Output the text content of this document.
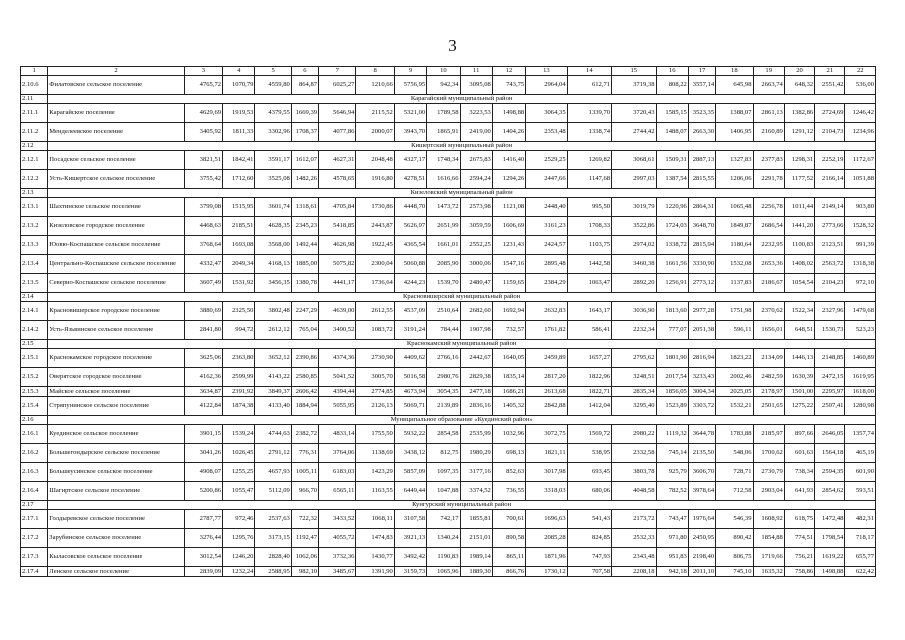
3
1	2	3	4	5	6	7	8	9	10	11	12	13	14	15	16	17	18	19	20	21	22
2.10.6	Филатовское сельское поселение	4765,72	1070,79	4559,80	864,87	6025,27	1210,66	5756,95	942,34	3095,08	743,75	2964,04	612,71	3719,38	808,22	3557,14	645,98	2663,74	648,32	2551,42	536,00
2.11	Карагайский муниципальный район																				
2.11.1	Карагайское поселение	4629,69	1919,53	4379,55	1669,39	5646,94	2115,52	5321,00	1789,58	3223,53	1498,88	3064,35	1339,70	3720,43	1585,15	3523,35	1388,07	2861,13	1382,86	2724,69	1246,42
2.11.2	Менделеевское поселение	3405,92	1811,33	3302,96	1708,37	4077,86	2000,07	3943,70	1865,91	2419,00	1404,26	2353,48	1338,74	2744,42	1488,07	2663,30	1406,95	2160,89	1291,12	2104,73	1234,96
2.12	Кишертский муниципальный район																				
2.12.1	Посадское сельское поселение	3821,51	1842,41	3591,17	1612,07	4627,31	2048,48	4327,17	1748,34	2675,83	1416,40	2529,25	1269,82	3068,61	1509,31	2887,13	1327,83	2377,83	1298,31	2252,19	1172,67
2.12.2	Усть-Кишертское сельское поселение	3755,42	1712,60	3525,08	1482,26	4578,65	1916,80	4278,51	1616,66	2594,24	1294,26	2447,66	1147,68	2997,03	1387,54	2815,55	1206,06	2291,78	1177,52	2166,14	1051,88
2.13	Кизеловский муниципальный район																				
2.13.1	Шахтинское сельское поселение	3799,08	1515,95	3601,74	1318,61	4705,84	1730,86	4448,70	1473,72	2573,98	1121,08	2448,40	995,50	3019,79	1220,96	2864,31	1065,48	2256,78	1011,44	2149,14	903,80
2.13.2	Кизеловское городское поселение	4468,63	2185,51	4628,35	2345,23	5418,85	2443,87	5626,97	2651,99	3059,59	1606,69	3161,23	1708,33	3522,86	1724,03	3648,70	1849,87	2686,54	1441,20	2773,66	1528,32
2.13.3	Юовю-Коспашское сельское поселение	3768,64	1693,08	3568,00	1492,44	4626,98	1922,45	4365,54	1661,01	2552,25	1231,43	2424,57	1103,75	2974,02	1338,72	2815,94	1180,64	2232,95	1100,83	2123,51	991,39
2.13.4	Центрально-Коспашское сельское поселение	4332,47	2049,34	4168,13	1885,00	5075,82	2300,04	5060,88	2085,90	3000,06	1547,16	2895,48	1442,58	3460,38	1661,56	3330,90	1532,08	2653,36	1408,02	2563,72	1318,38
2.13.5	Северно-Коспашское сельское поселение	3607,49	1531,92	3456,35	1380,78	4441,17	1736,64	4244,23	1539,70	2480,47	1159,65	2384,29	1063,47	2892,20	1256,91	2773,12	1137,83	2186,67	1054,54	2104,23	972,10
2.14	Красновишерский муниципальный район																				
2.14.1	Красновишерское городское поселение	3880,69	2325,50	3802,48	2247,29	4639,00	2612,55	4537,09	2510,64	2682,60	1692,94	2632,83	1643,17	3036,90	1813,60	2977,28	1751,98	2370,62	1522,34	2327,96	1479,68
2.14.2	Усть-Язьвинское сельское поселение	2841,80	994,72	2612,12	765,04	3490,52	1083,72	3191,24	784,44	1907,98	732,57	1761,82	586,41	2232,34	777,07	2051,38	596,11	1656,01	648,51	1530,73	523,23
2.15	Краснокамский муниципальный район																				
2.15.1	Краснокамское городское поселение	3625,06	2363,80	3652,12	2390,86	4374,36	2730,90	4409,62	2766,16	2442,67	1640,05	2459,89	1657,27	2795,62	1801,90	2816,94	1823,22	2134,09	1446,13	2148,85	1460,89
2.15.2	Оверятское городское поселение	4162,36	2599,99	4143,22	2580,85	5041,52	3005,70	5016,58	2980,76	2829,38	1835,14	2817,20	1822,96	3248,51	2017,54	3233,43	2002,46	2482,59	1630,39	2472,15	1619,95
2.15.3	Майское сельское поселение	3634,87	2391,92	3849,37	2606,42	4394,44	2774,85	4673,94	3054,35	2477,18	1686,21	2613,68	1822,71	2835,34	1856,05	3004,34	2025,05	2178,97	1501,00	2295,97	1618,00
2.15.4	Стряпунинское сельское поселение	4122,84	1874,38	4133,40	1884,94	5055,95	2126,13	5069,71	2139,89	2836,16	1405,32	2842,88	1412,04	3295,40	1523,89	3303,72	1532,21	2501,65	1275,22	2507,41	1280,98
2.16	Муниципальное образование «Куединский район»																				
2.16.1	Куединское сельское поселение	3901,15	1539,24	4744,63	2382,72	4833,14	1755,50	5932,22	2854,58	2535,99	1032,96	3072,75	1569,72	2980,22	1119,32	3644,78	1783,88	2185,97	897,66	2646,05	1357,74
2.16.2	Большегондырское сельское поселение	3041,26	1026,45	2791,12	776,31	3764,06	1138,69	3438,12	812,75	1980,29	698,13	1821,11	538,95	2332,58	745,14	2135,50	548,06	1700,62	601,63	1564,18	465,19
2.16.3	Большеусинское сельское поселение	4908,07	1255,25	4657,93	1005,11	6183,03	1423,29	5857,09	1097,35	3177,16	852,63	3017,98	693,45	3803,78	925,79	3606,70	728,71	2730,79	738,34	2594,35	601,90
2.16.4	Шагиртское сельское поселение	5200,86	1055,47	5112,09	966,70	6565,11	1163,55	6449,44	1047,88	3374,52	736,55	3318,03	680,06	4048,58	782,52	3978,64	712,58	2903,04	641,93	2854,62	593,51
2.17	Кунгурский муниципальный район																				
2.17.1	Голдыревское сельское поселение	2787,77	972,46	2537,63	722,32	3433,52	1068,11	3107,58	742,17	1855,81	700,61	1696,63	541,43	2173,72	743,47	1976,64	546,39	1608,92	618,75	1472,48	482,31
2.17.2	Зарубинское сельское поселение	3276,44	1295,76	3173,15	1192,47	4055,72	1474,83	3921,13	1340,24	2151,01	890,58	2085,28	824,85	2532,33	971,80	2450,95	890,42	1854,88	774,51	1798,54	718,17
2.17.3	Кыласовское сельское поселение	3012,54	1246,20	2828,40	1062,06	3732,36	1430,77	3492,42	1190,83	1989,14	865,11	1871,96	747,93	2343,48	951,83	2198,40	806,75	1719,66	756,21	1619,22	655,77
2.17.4	Ленское сельское поселение	2839,09	1232,24	2588,95	982,10	3485,67	1391,90	3159,73	1065,96	1889,30	866,76	1730,12	707,58	2208,18	942,18	2011,10	745,10	1635,32	758,86	1498,88	622,42
